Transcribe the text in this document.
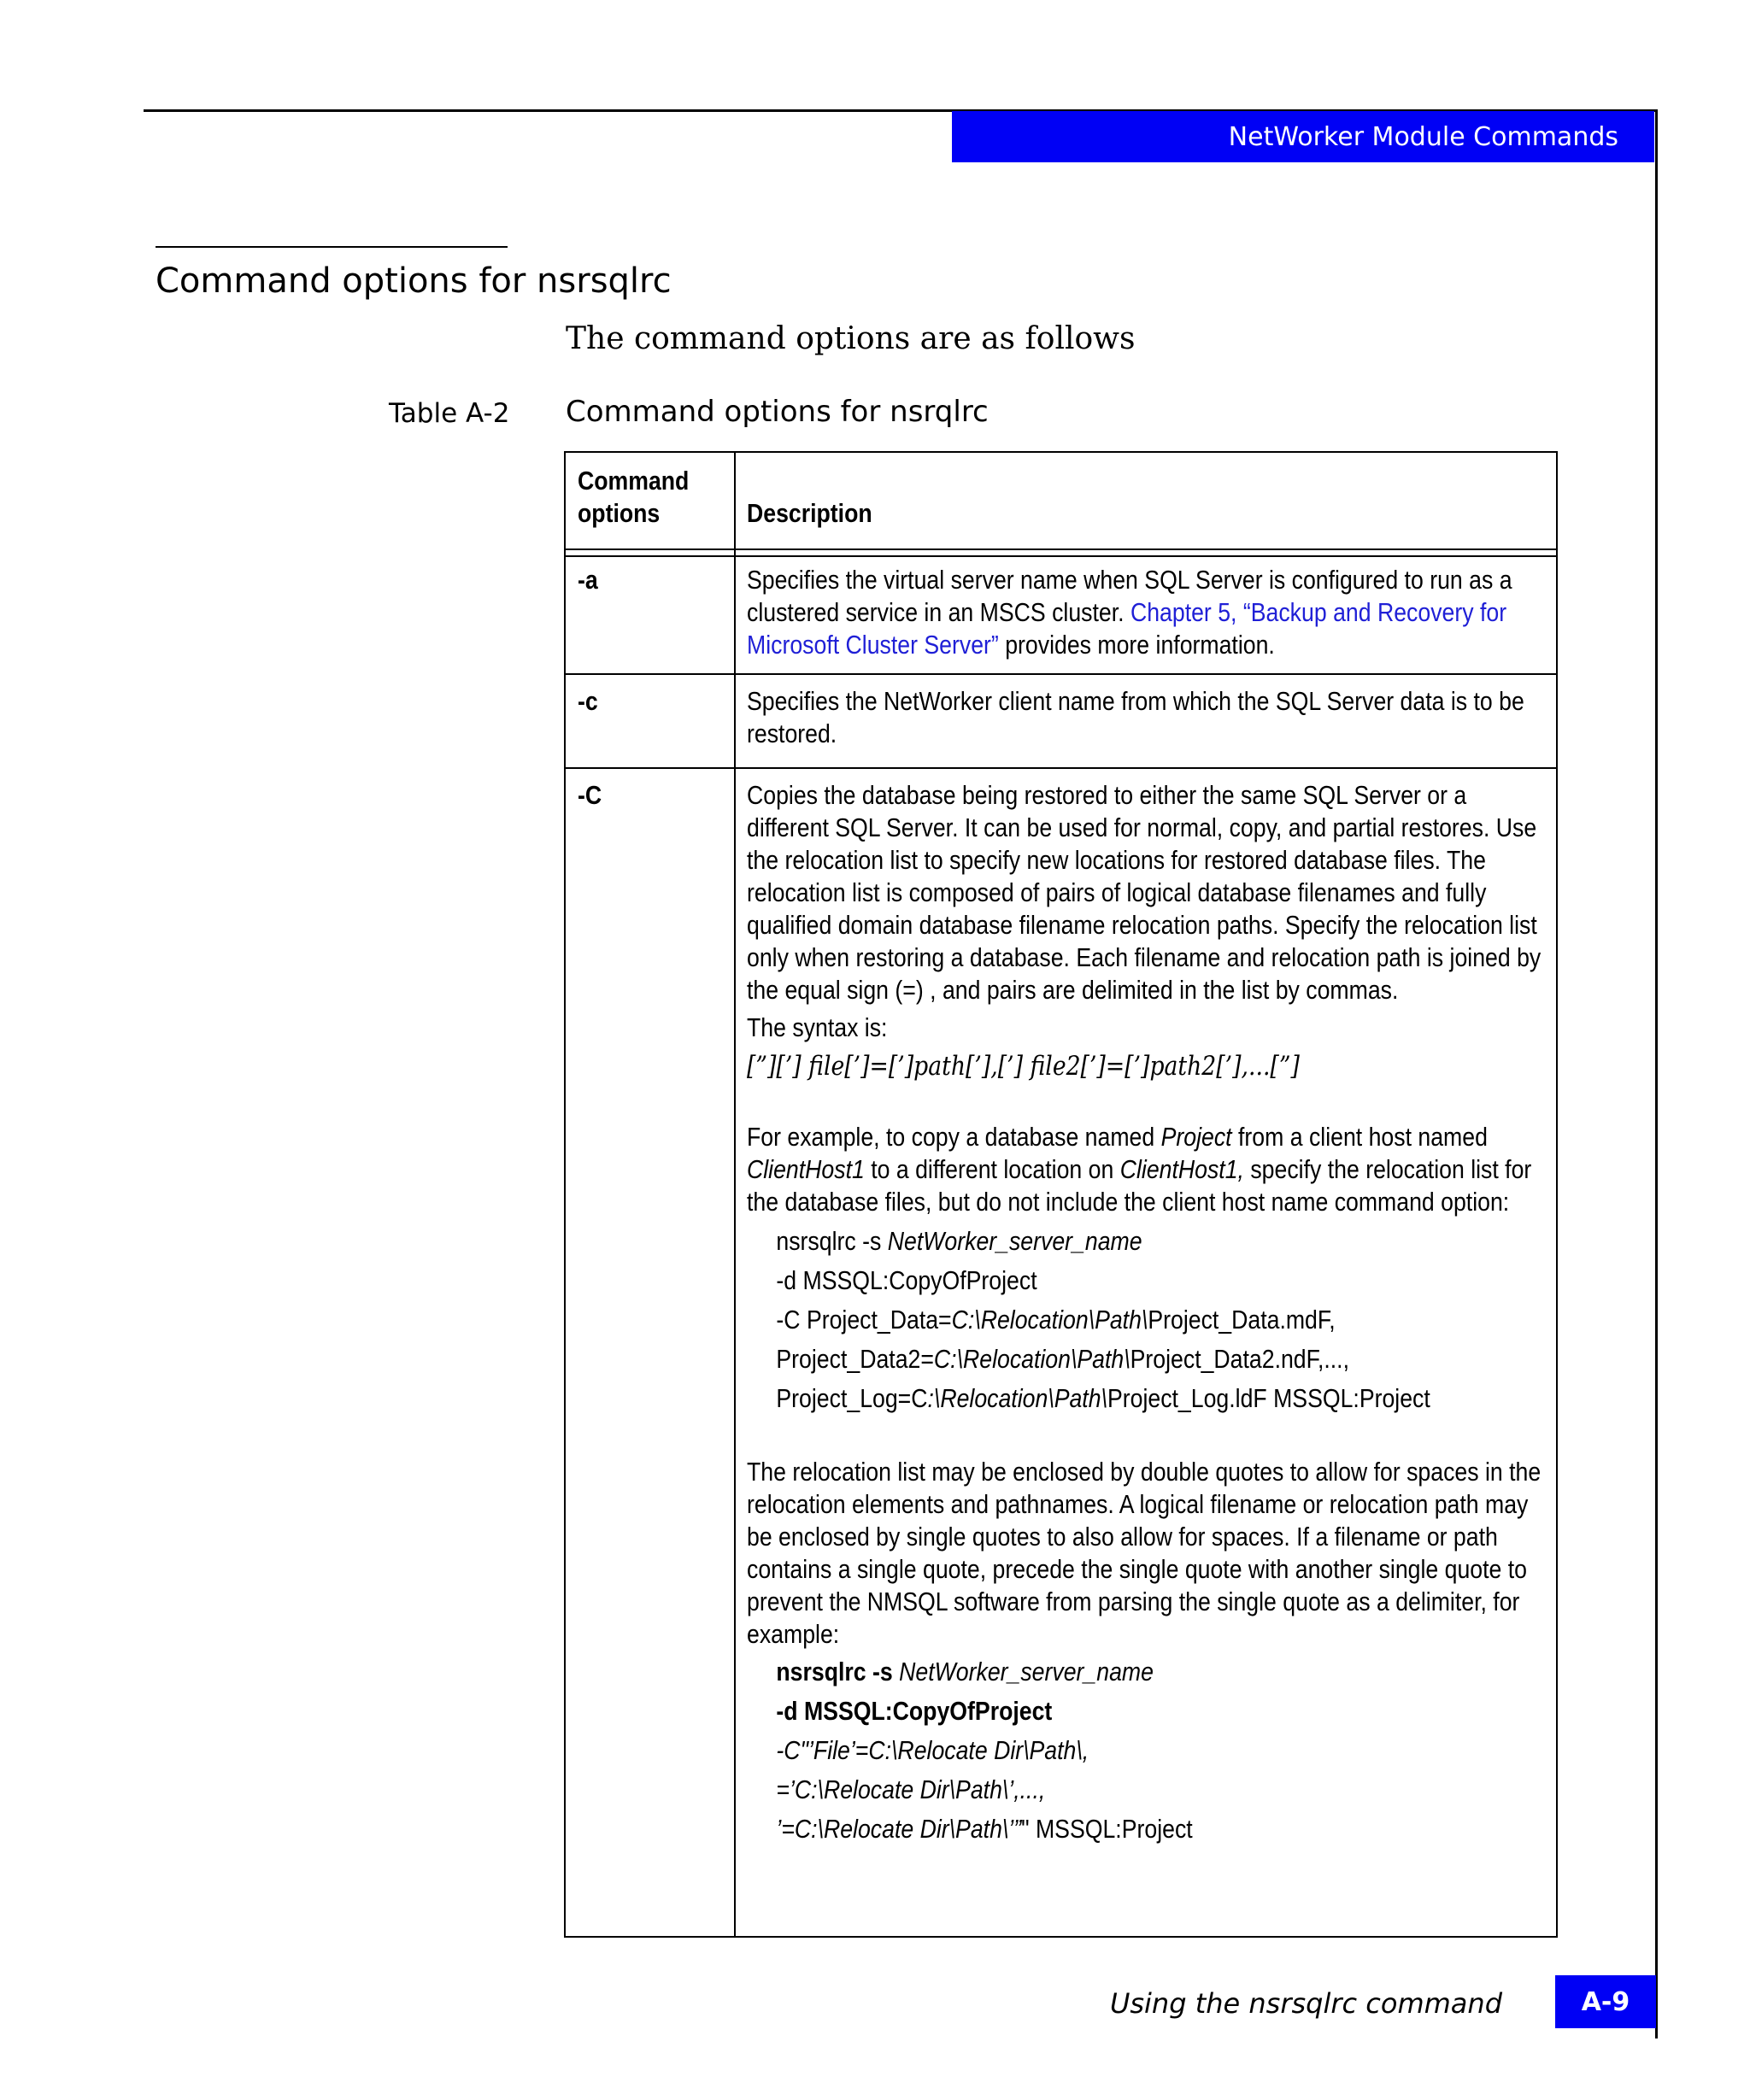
NetWorker Module Commands
Command options for nsrsqlrc
The command options are as follows
Table A-2 Command options for nsrqlrc
Command
options	Description
-a	Specifies the virtual server name when SQL Server is configured to run as a clustered service in an MSCS cluster. Chapter 5, “Backup and Recovery for Microsoft Cluster Server” provides more information.
-c	Specifies the NetWorker client name from which the SQL Server data is to be restored.
-C	Copies the database being restored to either the same SQL Server or a different SQL Server. It can be used for normal, copy, and partial restores. Use the relocation list to specify new locations for restored database files. The relocation list is composed of pairs of logical database filenames and fully qualified domain database filename relocation paths. Specify the relocation list only when restoring a database. Each filename and relocation path is joined by the equal sign (=) , and pairs are delimited in the list by commas.

The syntax is:

[”][’] file[’]=[’]path[’],[’] file2[’]=[’]path2[’],...[”]

For example, to copy a database named Project from a client host named ClientHost1 to a different location on ClientHost1, specify the relocation list for the database files, but do not include the client host name command option:

nsrsqlrc -s NetWorker_server_name
-d MSSQL:CopyOfProject
-C Project_Data=C:\Relocation\Path\Project_Data.mdF,
Project_Data2=C:\Relocation\Path\Project_Data2.ndF,...,
Project_Log=C:\Relocation\Path\Project_Log.ldF MSSQL:Project

The relocation list may be enclosed by double quotes to allow for spaces in the relocation elements and pathnames. A logical filename or relocation path may be enclosed by single quotes to also allow for spaces. If a filename or path contains a single quote, precede the single quote with another single quote to prevent the NMSQL software from parsing the single quote as a delimiter, for example:

nsrsqlrc -s NetWorker_server_name
-d MSSQL:CopyOfProject
-C"’File’=C:\Relocate Dir\Path\,
=’C:\Relocate Dir\Path\’,...,
’=C:\Relocate Dir\Path\’”" MSSQL:Project
Using the nsrsqlrc command	A-9
